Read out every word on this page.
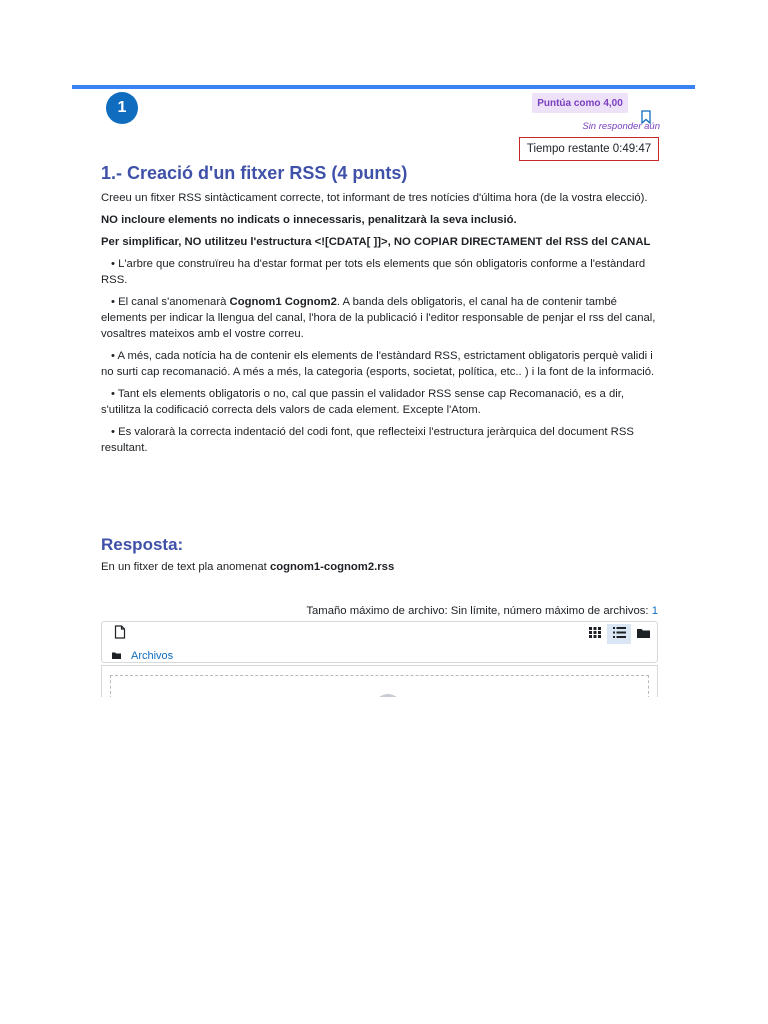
1	Puntúa como 4,00
Sin responder aún
Tiempo restante 0:49:47
1.- Creació d'un fitxer RSS (4 punts)

Creeu un fitxer RSS sintàcticament correcte, tot informant de tres notícies d'última hora (de la vostra elecció).

NO incloure elements no indicats o innecessaris, penalitzarà la seva inclusió.

Per simplificar, NO utilitzeu l'estructura <![CDATA[ ]]>, NO COPIAR DIRECTAMENT del RSS del CANAL

• L'arbre que construïreu ha d'estar format per tots els elements que són obligatoris conforme a l'estàndard RSS.

• El canal s'anomenarà Cognom1 Cognom2. A banda dels obligatoris, el canal ha de contenir també elements per indicar la llengua del canal, l'hora de la publicació i l'editor responsable de penjar el rss del canal, vosaltres mateixos amb el vostre correu.

• A més, cada notícia ha de contenir els elements de l'estàndard RSS, estrictament obligatoris perquè validi i no surti cap recomanació. A més a més, la categoria (esports, societat, política, etc.. ) i la font de la informació.

• Tant els elements obligatoris o no, cal que passin el validador RSS sense cap Recomanació, es a dir, s'utilitza la codificació correcta dels valors de cada element. Excepte l'Atom.

• Es valorarà la correcta indentació del codi font, que reflecteixi l'estructura jeràrquica del document RSS resultant.

Resposta:
En un fitxer de text pla anomenat cognom1-cognom2.rss
Tamaño máximo de archivo: Sin límite, número máximo de archivos: 1
Archivos
